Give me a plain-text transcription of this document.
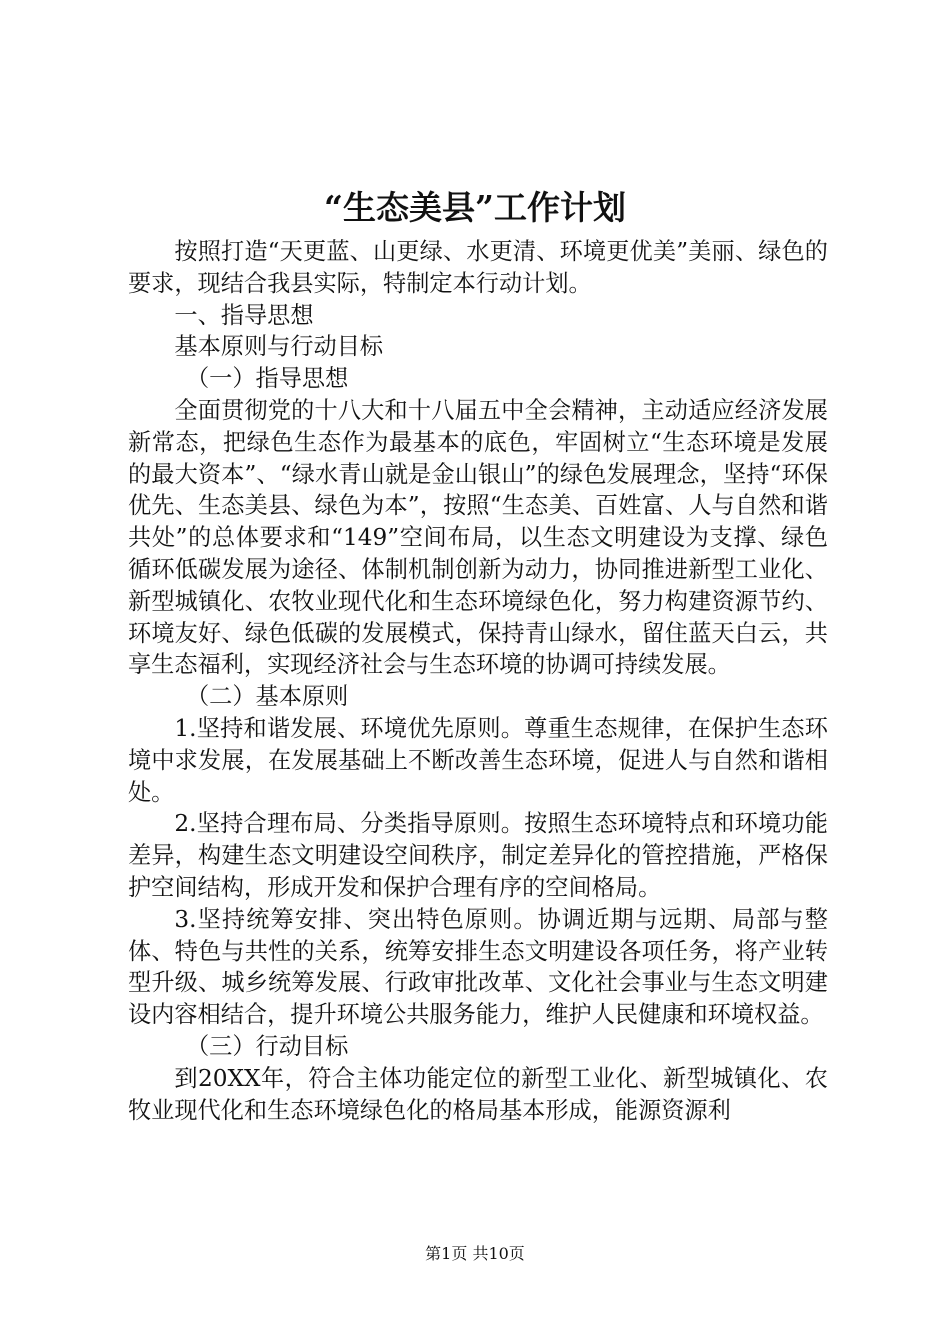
“生态美县”工作计划

按照打造“天更蓝、山更绿、水更清、环境更优美”美丽、绿色的要求，现结合我县实际，特制定本行动计划。

一、指导思想

基本原则与行动目标

（一）指导思想

全面贯彻党的十八大和十八届五中全会精神，主动适应经济发展新常态，把绿色生态作为最基本的底色，牢固树立“生态环境是发展的最大资本”、“绿水青山就是金山银山”的绿色发展理念，坚持“环保优先、生态美县、绿色为本”，按照“生态美、百姓富、人与自然和谐共处”的总体要求和“149”空间布局，以生态文明建设为支撑、绿色循环低碳发展为途径、体制机制创新为动力，协同推进新型工业化、新型城镇化、农牧业现代化和生态环境绿色化，努力构建资源节约、环境友好、绿色低碳的发展模式，保持青山绿水，留住蓝天白云，共享生态福利，实现经济社会与生态环境的协调可持续发展。

（二）基本原则

1.坚持和谐发展、环境优先原则。尊重生态规律，在保护生态环境中求发展，在发展基础上不断改善生态环境，促进人与自然和谐相处。

2.坚持合理布局、分类指导原则。按照生态环境特点和环境功能差异，构建生态文明建设空间秩序，制定差异化的管控措施，严格保护空间结构，形成开发和保护合理有序的空间格局。

3.坚持统筹安排、突出特色原则。协调近期与远期、局部与整体、特色与共性的关系，统筹安排生态文明建设各项任务，将产业转型升级、城乡统筹发展、行政审批改革、文化社会事业与生态文明建设内容相结合，提升环境公共服务能力，维护人民健康和环境权益。

（三）行动目标

到20XX年，符合主体功能定位的新型工业化、新型城镇化、农牧业现代化和生态环境绿色化的格局基本形成，能源资源利

第1页 共10页
